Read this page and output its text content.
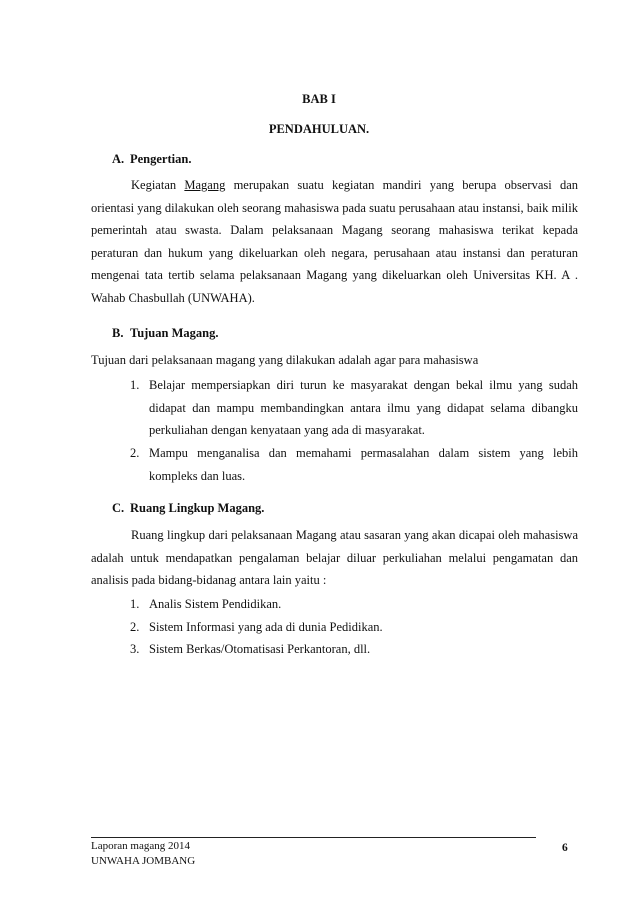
BAB I

PENDAHULUAN.

A. Pengertian.

Kegiatan Magang merupakan suatu kegiatan mandiri yang berupa observasi dan orientasi yang dilakukan oleh seorang mahasiswa pada suatu perusahaan atau instansi, baik milik pemerintah atau swasta. Dalam pelaksanaan Magang seorang mahasiswa terikat kepada peraturan dan hukum yang dikeluarkan oleh negara, perusahaan atau instansi dan peraturan mengenai tata tertib selama pelaksanaan Magang yang dikeluarkan oleh Universitas KH. A . Wahab Chasbullah (UNWAHA).

B. Tujuan Magang.

Tujuan dari pelaksanaan magang yang dilakukan adalah agar para mahasiswa

1. Belajar mempersiapkan diri turun ke masyarakat dengan bekal ilmu yang sudah didapat dan mampu membandingkan antara ilmu yang didapat selama dibangku perkuliahan dengan kenyataan yang ada di masyarakat.

2. Mampu menganalisa dan memahami permasalahan dalam sistem yang lebih kompleks dan luas.

C. Ruang Lingkup Magang.

Ruang lingkup dari pelaksanaan Magang atau sasaran yang akan dicapai oleh mahasiswa adalah untuk mendapatkan pengalaman belajar diluar perkuliahan melalui pengamatan dan analisis pada bidang-bidanag antara lain yaitu :

1. Analis Sistem Pendidikan.

2. Sistem Informasi yang ada di dunia Pedidikan.

3. Sistem Berkas/Otomatisasi Perkantoran, dll.

Laporan magang 2014

UNWAHA JOMBANG

6
